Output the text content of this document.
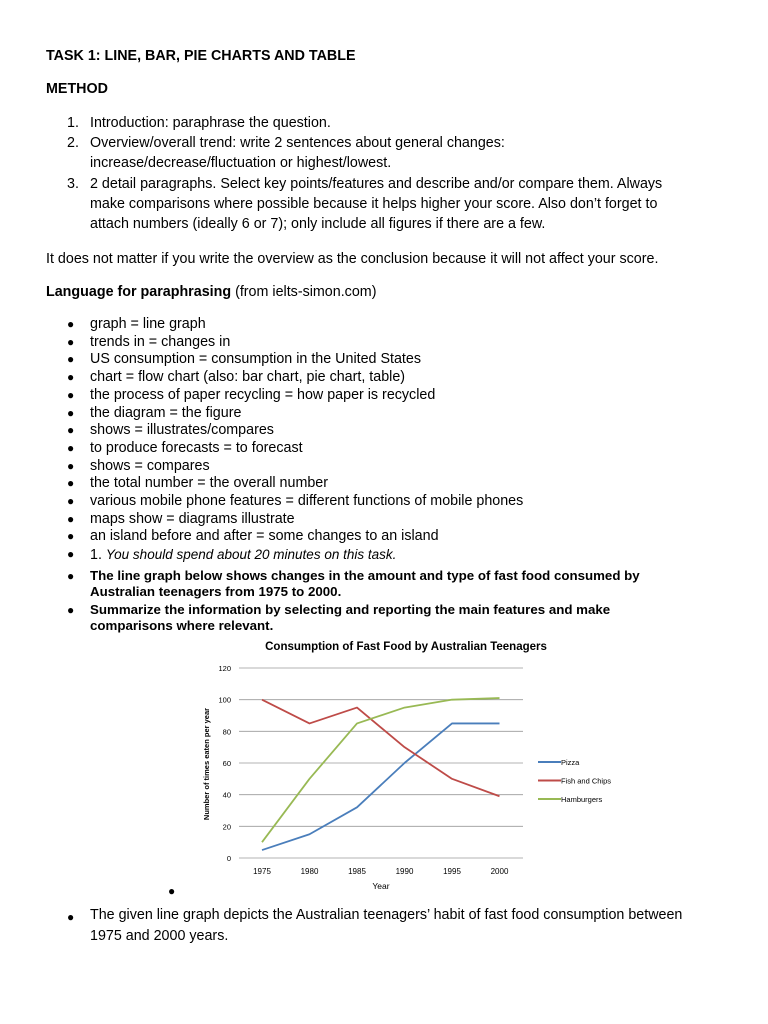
TASK 1: LINE, BAR, PIE CHARTS AND TABLE
METHOD
1. Introduction: paraphrase the question.
2. Overview/overall trend: write 2 sentences about general changes:
increase/decrease/fluctuation or highest/lowest.
3. 2 detail paragraphs. Select key points/features and describe and/or compare them. Always
make comparisons where possible because it helps higher your score. Also don’t forget to
attach numbers (ideally 6 or 7); only include all figures if there are a few.
It does not matter if you write the overview as the conclusion because it will not affect your score.
Language for paraphrasing (from ielts-simon.com)
● graph = line graph
● trends in = changes in
● US consumption = consumption in the United States
● chart = flow chart (also: bar chart, pie chart, table)
● the process of paper recycling = how paper is recycled
● the diagram = the figure
● shows = illustrates/compares
● to produce forecasts = to forecast
● shows = compares
● the total number = the overall number
● various mobile phone features = different functions of mobile phones
● maps show = diagrams illustrate
● an island before and after = some changes to an island
● 1. You should spend about 20 minutes on this task.
● The line graph below shows changes in the amount and type of fast food consumed by
Australian teenagers from 1975 to 2000.
● Summarize the information by selecting and reporting the main features and make
comparisons where relevant.
Consumption of Fast Food by Australian Teenagers
0
20
40
60
80
100
120
1975	1980	1985	1990	1995	2000
Pizza
Fish and Chips
Hamburgers
Year
Number of times eaten per year
●
● The given line graph depicts the Australian teenagers’ habit of fast food consumption between
1975 and 2000 years.
